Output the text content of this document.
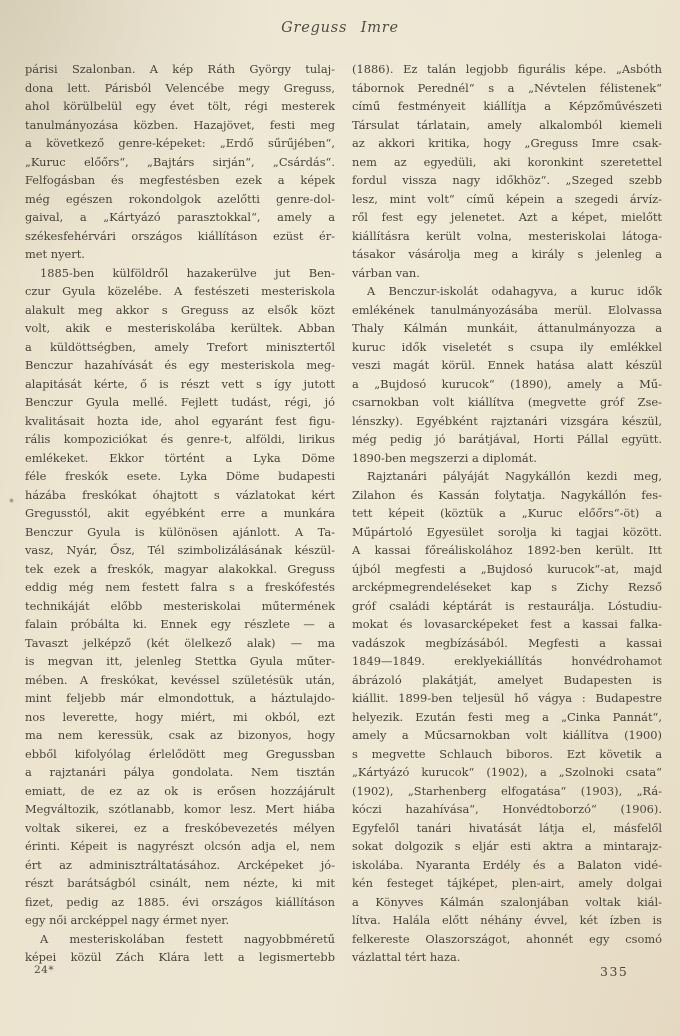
Greguss Imre
párisi Szalonban. A kép Ráth György tulaj-
dona lett. Párisból Velencébe megy Greguss,
ahol körülbelül egy évet tölt, régi mesterek
tanulmányozása közben. Hazajövet, festi meg
a következő genre-képeket: „Erdő sűrűjében“,
„Kuruc előőrs“, „Bajtárs sirján“, „Csárdás“.
Felfogásban és megfestésben ezek a képek
még egészen rokondolgok azelőtti genre-dol-
gaival, a „Kártyázó parasztokkal“, amely a
székesfehérvári országos kiállításon ezüst ér-
met nyert.
1885-ben külföldről hazakerülve jut Ben-
czur Gyula közelébe. A festészeti mesteriskola
alakult meg akkor s Greguss az elsők közt
volt, akik e mesteriskolába kerültek. Abban
a küldöttségben, amely Trefort minisztertől
Benczur hazahívását és egy mesteriskola meg-
alapitását kérte, ő is részt vett s így jutott
Benczur Gyula mellé. Fejlett tudást, régi, jó
kvalitásait hozta ide, ahol egyaránt fest figu-
rális kompoziciókat és genre-t, alföldi, lirikus
emlékeket. Ekkor történt a Lyka Döme
féle freskók esete. Lyka Döme budapesti
házába freskókat óhajtott s vázlatokat kért
Gregusstól, akit egyébként erre a munkára
Benczur Gyula is különösen ajánlott. A Ta-
vasz, Nyár, Ősz, Tél szimbolizálásának készül-
tek ezek a freskók, magyar alakokkal. Greguss
eddig még nem festett falra s a freskófestés
technikáját előbb mesteriskolai műtermének
falain próbálta ki. Ennek egy részlete — a
Tavaszt jelképző (két ölelkező alak) — ma
is megvan itt, jelenleg Stettka Gyula műter-
mében. A freskókat, kevéssel születésük után,
mint feljebb már elmondottuk, a háztulajdo-
nos leverette, hogy miért, mi okból, ezt
ma nem keressük, csak az bizonyos, hogy
ebből kifolyólag érlelődött meg Gregussban
a rajztanári pálya gondolata. Nem tisztán
emiatt, de ez az ok is erősen hozzájárult
Megváltozik, szótlanabb, komor lesz. Mert hiába
voltak sikerei, ez a freskóbevezetés mélyen
érinti. Képeit is nagyrészt olcsón adja el, nem
ért az adminisztráltatásához. Arcképeket jó-
részt barátságból csinált, nem nézte, ki mit
fizet, pedig az 1885. évi országos kiállításon
egy női arcképpel nagy érmet nyer.
A mesteriskolában festett nagyobbméretű
képei közül Zách Klára lett a legismertebb
(1886). Ez talán legjobb figurális képe. „Asbóth
tábornok Perednél“ s a „Névtelen félistenek“
című festményeit kiállítja a Képzőművészeti
Társulat tárlatain, amely alkalomból kiemeli
az akkori kritika, hogy „Greguss Imre csak-
nem az egyedüli, aki koronkint szeretettel
fordul vissza nagy időkhöz“. „Szeged szebb
lesz, mint volt“ című képein a szegedi árvíz-
ről fest egy jelenetet. Azt a képet, mielőtt
kiállításra került volna, mesteriskolai látoga-
tásakor vásárolja meg a király s jelenleg a
várban van.
A Benczur-iskolát odahagyva, a kuruc idők
emlékének tanulmányozásába merül. Elolvassa
Thaly Kálmán munkáit, áttanulmányozza a
kuruc idők viseletét s csupa ily emlékkel
veszi magát körül. Ennek hatása alatt készül
a „Bujdosó kurucok“ (1890), amely a Mű-
csarnokban volt kiállítva (megvette gróf Zse-
lénszky). Egyébként rajztanári vizsgára készül,
még pedig jó barátjával, Horti Pállal együtt.
1890-ben megszerzi a diplomát.
Rajztanári pályáját Nagykállón kezdi meg,
Zilahon és Kassán folytatja. Nagykállón fes-
tett képeit (köztük a „Kuruc előőrs“-öt) a
Műpártoló Egyesület sorolja ki tagjai között.
A kassai főreáliskolához 1892-ben került. Itt
újból megfesti a „Bujdosó kurucok“-at, majd
arcképmegrendeléseket kap s Zichy Rezső
gróf családi képtárát is restaurálja. Lóstudiu-
mokat és lovasarcképeket fest a kassai falka-
vadászok megbízásából. Megfesti a kassai
1849—1849. ereklyekiállítás honvédrohamot
ábrázoló plakátját, amelyet Budapesten is
kiállit. 1899-ben teljesül hő vágya : Budapestre
helyezik. Ezután festi meg a „Cinka Pannát“,
amely a Műcsarnokban volt kiállítva (1900)
s megvette Schlauch biboros. Ezt követik a
„Kártyázó kurucok“ (1902), a „Szolnoki csata“
(1902), „Starhenberg elfogatása“ (1903), „Rá-
kóczi hazahívása“, Honvédtoborzó“ (1906).
Egyfelől tanári hivatását látja el, másfelől
sokat dolgozik s eljár esti aktra a mintarajz-
iskolába. Nyaranta Erdély és a Balaton vidé-
kén festeget tájképet, plen-airt, amely dolgai
a Könyves Kálmán szalonjában voltak kiál-
lítva. Halála előtt néhány évvel, két ízben is
felkereste Olaszországot, ahonnét egy csomó
vázlattal tért haza.
24*	335
